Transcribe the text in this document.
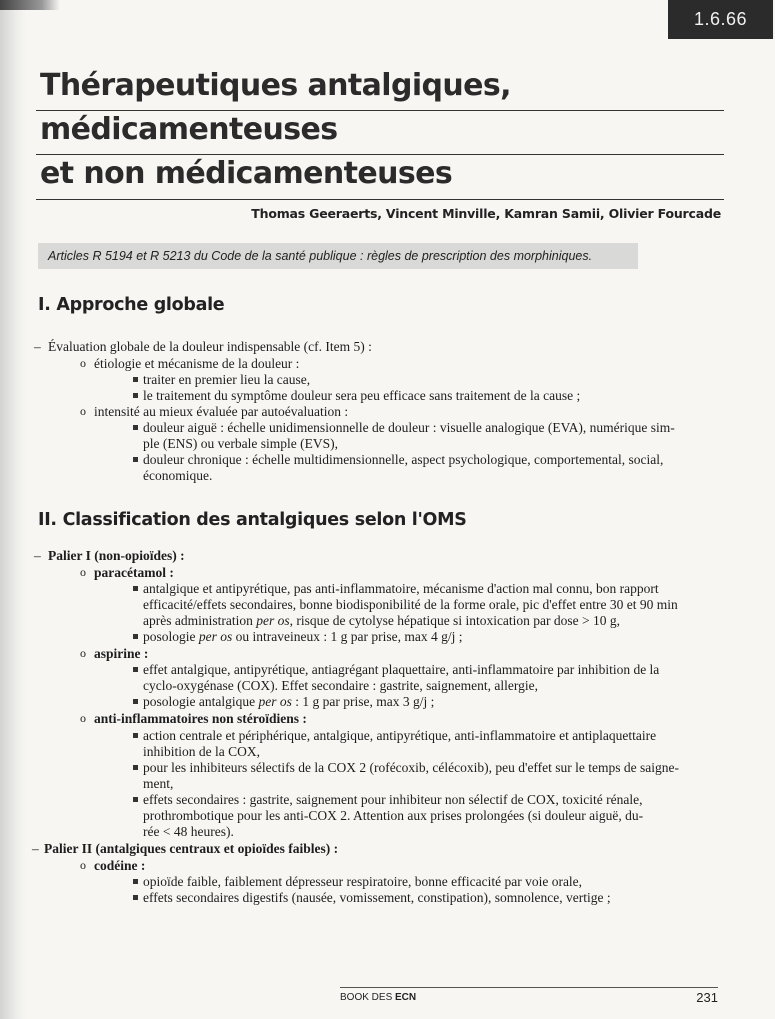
1.6.66
Thérapeutiques antalgiques,
médicamenteuses
et non médicamenteuses
Thomas Geeraerts, Vincent Minville, Kamran Samii, Olivier Fourcade
Articles R 5194 et R 5213 du Code de la santé publique : règles de prescription des morphiniques.
I. Approche globale
– Évaluation globale de la douleur indispensable (cf. Item 5) :
o étiologie et mécanisme de la douleur :
traiter en premier lieu la cause,
le traitement du symptôme douleur sera peu efficace sans traitement de la cause ;
o intensité au mieux évaluée par autoévaluation :
douleur aiguë : échelle unidimensionnelle de douleur : visuelle analogique (EVA), numérique sim-
ple (ENS) ou verbale simple (EVS),
douleur chronique : échelle multidimensionnelle, aspect psychologique, comportemental, social,
économique.
II. Classification des antalgiques selon l'OMS
– Palier I (non-opioïdes) :
o paracétamol :
antalgique et antipyrétique, pas anti-inflammatoire, mécanisme d'action mal connu, bon rapport
efficacité/effets secondaires, bonne biodisponibilité de la forme orale, pic d'effet entre 30 et 90 min
après administration per os, risque de cytolyse hépatique si intoxication par dose > 10 g,
posologie per os ou intraveineux : 1 g par prise, max 4 g/j ;
o aspirine :
effet antalgique, antipyrétique, antiagrégant plaquettaire, anti-inflammatoire par inhibition de la
cyclo-oxygénase (COX). Effet secondaire : gastrite, saignement, allergie,
posologie antalgique per os : 1 g par prise, max 3 g/j ;
o anti-inflammatoires non stéroïdiens :
action centrale et périphérique, antalgique, antipyrétique, anti-inflammatoire et antiplaquettaire
inhibition de la COX,
pour les inhibiteurs sélectifs de la COX 2 (rofécoxib, célécoxib), peu d'effet sur le temps de saigne-
ment,
effets secondaires : gastrite, saignement pour inhibiteur non sélectif de COX, toxicité rénale,
prothrombotique pour les anti-COX 2. Attention aux prises prolongées (si douleur aiguë, du-
rée < 48 heures).
– Palier II (antalgiques centraux et opioïdes faibles) :
o codéine :
opioïde faible, faiblement dépresseur respiratoire, bonne efficacité par voie orale,
effets secondaires digestifs (nausée, vomissement, constipation), somnolence, vertige ;
BOOK DES ECN	231
